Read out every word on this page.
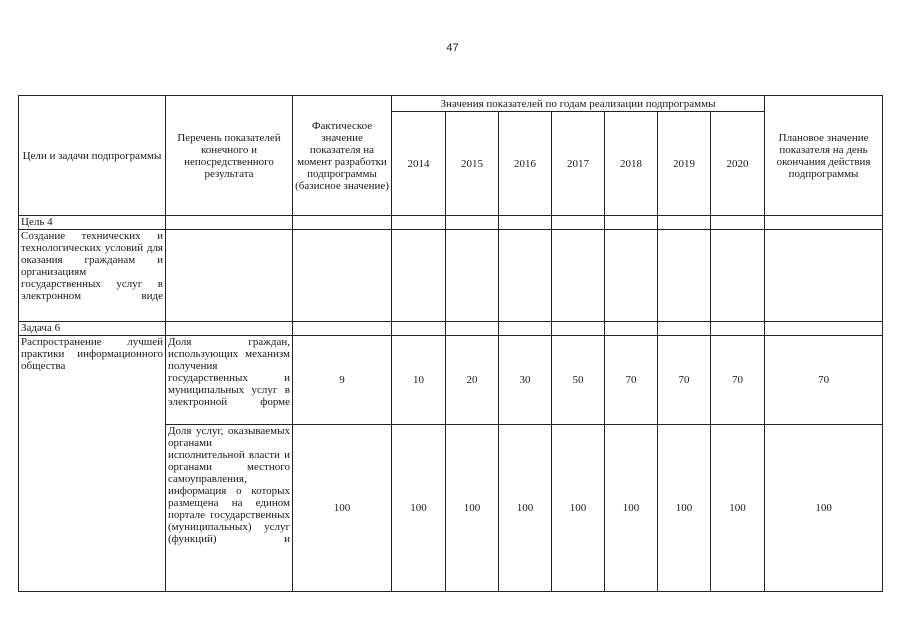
47
Цели и задачи подпрограммы	Перечень показателей конечного и непосредственного результата	Фактическое значение показателя на момент разработки подпрограммы (базисное значение)	Значения показателей по годам реализации подпрограммы							Плановое значение показателя на день окончания действия подпрограммы
			2014	2015	2016	2017	2018	2019	2020	
Цель 4										
Создание технических и технологических условий для оказания гражданам и организациям государственных услуг в электронном виде										
Задача 6										
Распространение лучшей практики информационного общества	Доля граждан, использующих механизм получения государственных и муниципальных услуг в электронной форме	9	10	20	30	50	70	70	70	70
	Доля услуг, оказываемых органами исполнительной власти и органами местного самоуправления, информация о которых размещена на едином портале государственных (муниципальных) услуг (функций) и	100	100	100	100	100	100	100	100	100
